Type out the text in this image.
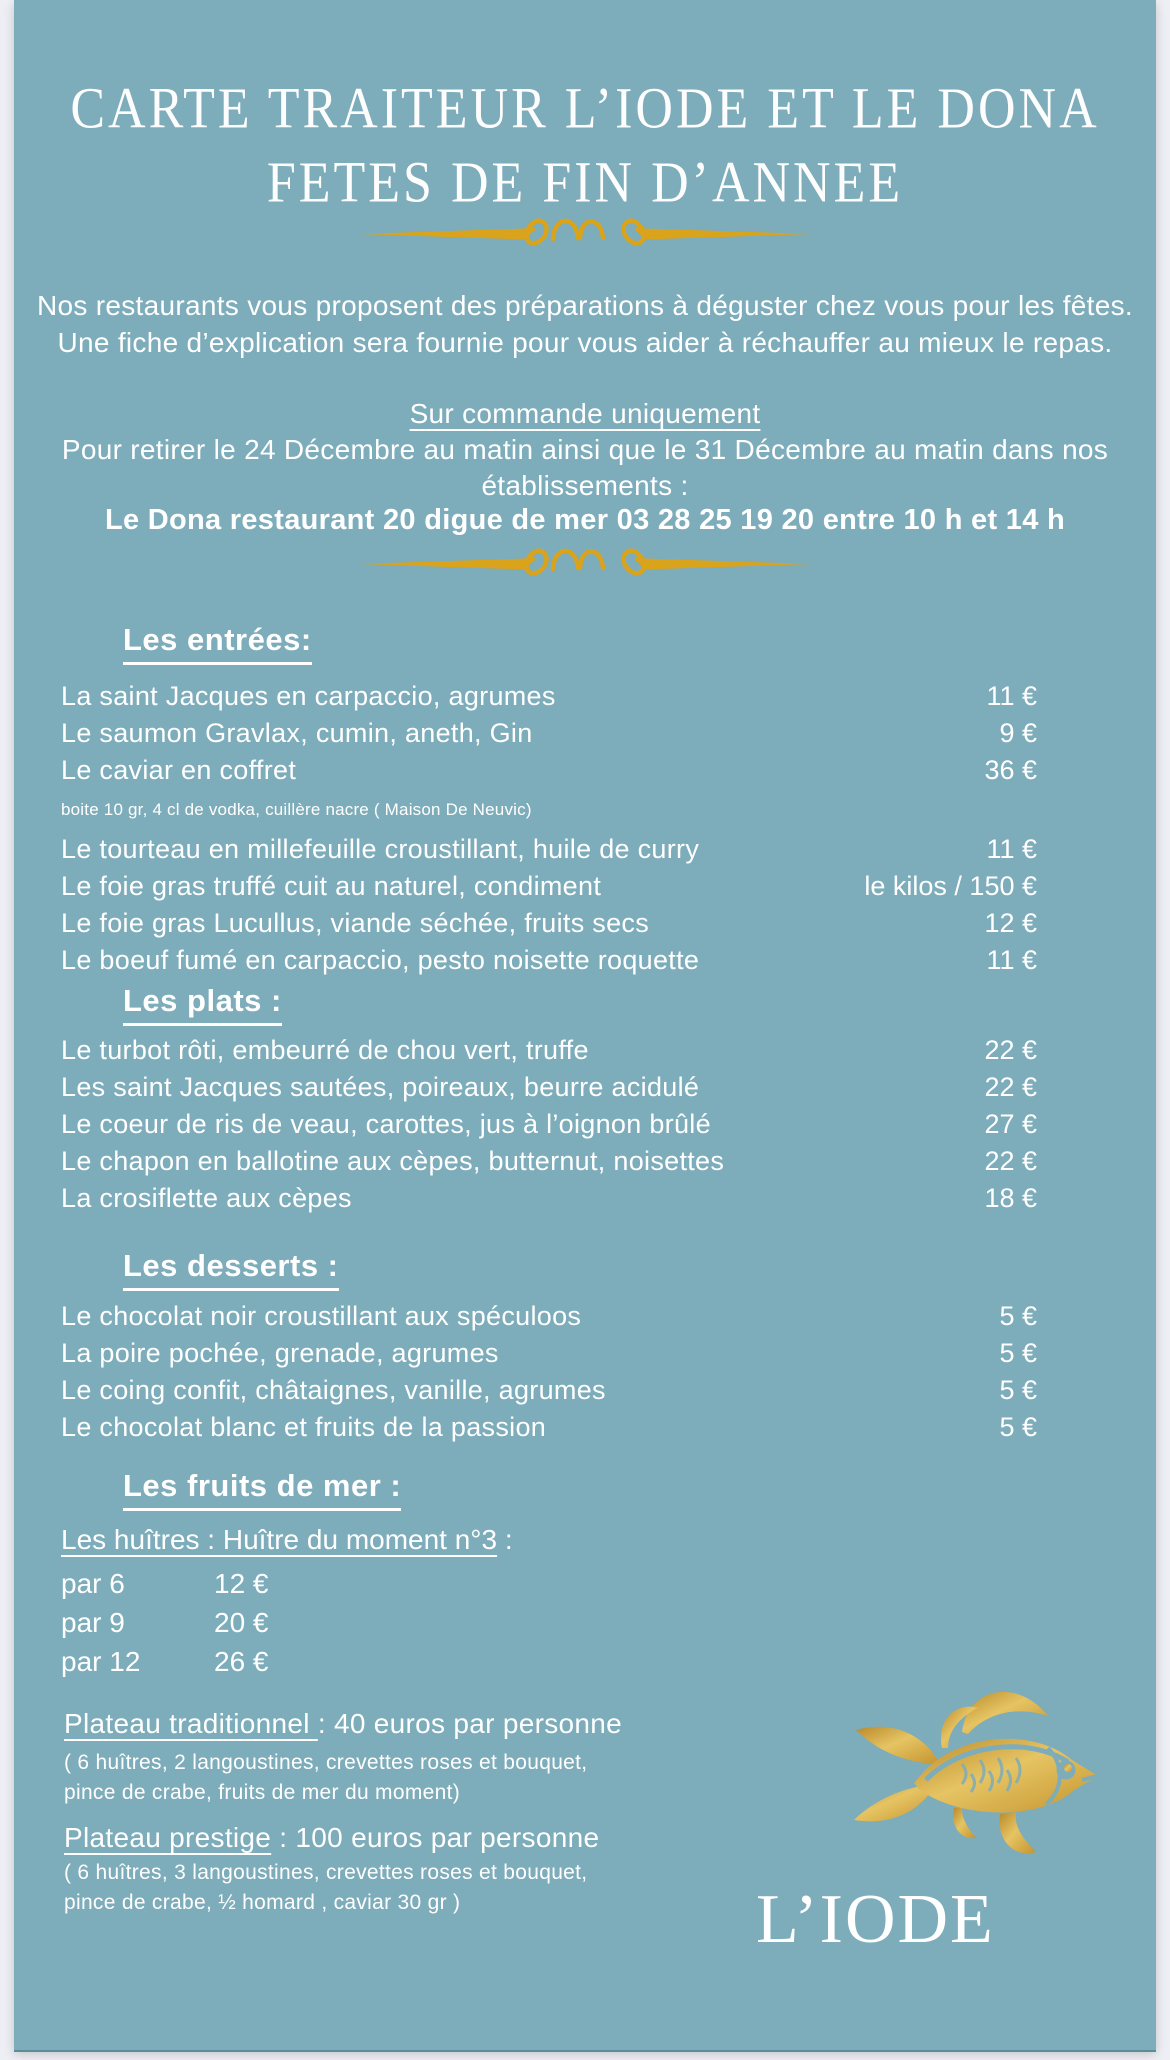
CARTE TRAITEUR L’IODE ET LE DONA
FETES DE FIN D’ANNEE
Nos restaurants vous proposent des préparations à déguster chez vous pour les fêtes.
Une fiche d’explication sera fournie pour vous aider à réchauffer au mieux le repas.
Sur commande uniquement
Pour retirer le 24 Décembre au matin ainsi que le 31 Décembre au matin dans nos
établissements :
Le Dona restaurant 20 digue de mer 03 28 25 19 20 entre 10 h et 14 h
Les entrées:
La saint Jacques en carpaccio, agrumes	11 €
Le saumon Gravlax, cumin, aneth, Gin	9 €
Le caviar en coffret	36 €
boite 10 gr, 4 cl de vodka, cuillère nacre ( Maison De Neuvic)
Le tourteau en millefeuille croustillant, huile de curry	11 €
Le foie gras truffé cuit au naturel, condiment	le kilos / 150 €
Le foie gras Lucullus, viande séchée, fruits secs	12 €
Le boeuf fumé en carpaccio, pesto noisette roquette	11 €
Les plats :
Le turbot rôti, embeurré de chou vert, truffe	22 €
Les saint Jacques sautées, poireaux, beurre acidulé	22 €
Le coeur de ris de veau, carottes, jus à l’oignon brûlé	27 €
Le chapon en ballotine aux cèpes, butternut, noisettes	22 €
La crosiflette aux cèpes	18 €
Les desserts :
Le chocolat noir croustillant aux spéculoos	5 €
La poire pochée, grenade, agrumes	5 €
Le coing confit, châtaignes, vanille, agrumes	5 €
Le chocolat blanc et fruits de la passion	5 €
Les fruits de mer :
Les huîtres : Huître du moment n°3 :
par 6	12 €
par 9	20 €
par 12	26 €
Plateau traditionnel : 40 euros par personne
( 6 huîtres, 2 langoustines, crevettes roses et bouquet,
pince de crabe, fruits de mer du moment)
Plateau prestige : 100 euros par personne
( 6 huîtres, 3 langoustines, crevettes roses et bouquet,
pince de crabe, ½ homard , caviar 30 gr )	L’IODE
